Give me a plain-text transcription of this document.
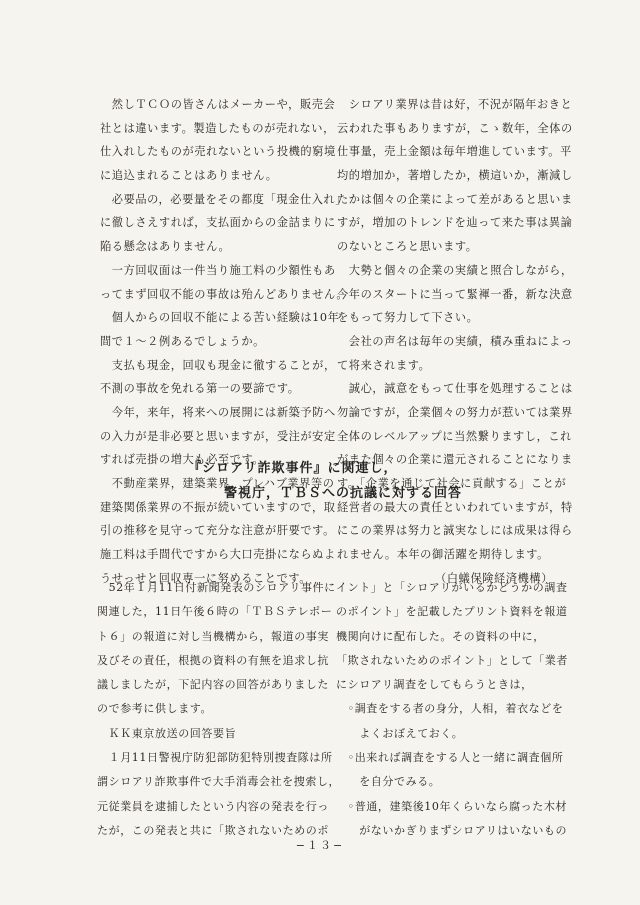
　然しＴＣＯの皆さんはメーカーや，販売会
社とは違います。製造したものが売れない，
仕入れしたものが売れないという投機的窮境
に追込まれることはありません。
　必要品の，必要量をその都度「現金仕入れ」
に徹しさえすれば，支払面からの金詰まりに
陥る懸念はありません。
　一方回収面は一件当り施工料の少額性もあ
ってまず回収不能の事故は殆んどありません。
　個人からの回収不能による苦い経験は10年
間で１〜２例あるでしょうか。
　支払も現金，回収も現金に徹することが，
不測の事故を免れる第一の要諦です。
　今年，来年，将来への展開には新築予防へ
の入力が是非必要と思いますが，受注が安定
すれば売掛の増大も必至です。
　不動産業界，建築業界，プレハブ業界等の
建築関係業界の不振が続いていますので，取
引の推移を見守って充分な注意が肝要です。
施工料は手間代ですから大口売掛にならぬよ
うせっせと回収専一に努めることです。
　シロアリ業界は昔は好，不況が隔年おきと
云われた事もありますが，こゝ数年，全体の
仕事量，売上金額は毎年増進しています。平
均的増加か，著増したか，横這いか，漸減し
たかは個々の企業によって差があると思いま
すが，増加のトレンドを辿って来た事は異論
のないところと思います。
　大勢と個々の企業の実績と照合しながら，
今年のスタートに当って緊褌一番，新な決意
をもって努力して下さい。
　会社の声名は毎年の実績，積み重ねによっ
て将来されます。
　誠心，誠意をもって仕事を処理することは
勿論ですが，企業個々の努力が惹いては業界
全体のレベルアップに当然繋りますし，これ
がまた個々の企業に還元されることになりま
す。「企業を通じて社会に貢献する」ことが
経営者の最大の責任といわれていますが，特
にこの業界は努力と誠実なしには成果は得ら
れません。本年の御活躍を期待します。
（白蟻保険経済機構）
『シロアリ詐欺事件』に関連し，
警視庁，ＴＢＳへの抗議に対する回答
　52年１月11日付新聞発表のシロアリ事件に
関連した，11日午後６時の「ＴＢＳテレポー
ト６」の報道に対し当機構から，報道の事実
及びその責任，根拠の資料の有無を追求し抗
議しましたが，下記内容の回答がありました
ので参考に供します。
　ＫＫ東京放送の回答要旨
　１月11日警視庁防犯部防犯特別捜査隊は所
謂シロアリ詐欺事件で大手消毒会社を捜索し，
元従業員を逮捕したという内容の発表を行っ
たが，この発表と共に「欺されないためのポ
イント」と「シロアリがいるかどうかの調査
のポイント」を記載したプリント資料を報道
機関向けに配布した。その資料の中に，
「欺されないためのポイント」として「業者
にシロアリ調査をしてもらうときは，
　◦調査をする者の身分，人相，着衣などを
　　よくおぼえておく。
　◦出来れば調査をする人と一緒に調査個所
　　を自分でみる。
　◦普通，建築後10年くらいなら腐った木材
　　がないかぎりまずシロアリはいないもの
−１３−
